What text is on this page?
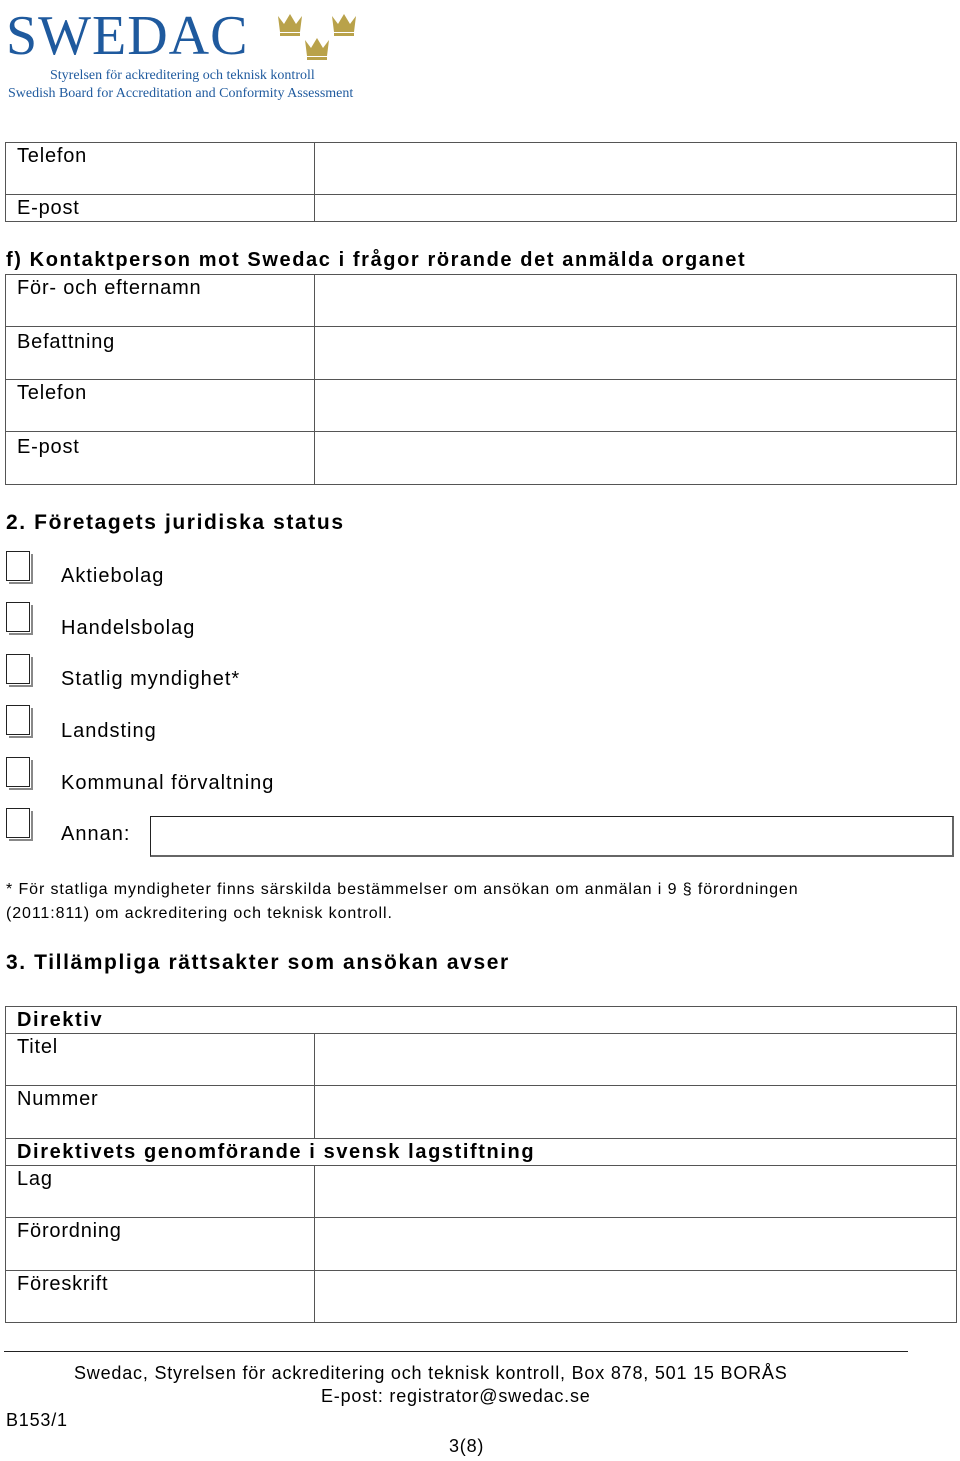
SWEDAC
Styrelsen för ackreditering och teknisk kontroll
Swedish Board for Accreditation and Conformity Assessment
Telefon
E-post
f) Kontaktperson mot Swedac i frågor rörande det anmälda organet
För- och efternamn
Befattning
Telefon
E-post
2. Företagets juridiska status
Aktiebolag
Handelsbolag
Statlig myndighet*
Landsting
Kommunal förvaltning
Annan:
* För statliga myndigheter finns särskilda bestämmelser om ansökan om anmälan i 9 § förordningen
(2011:811) om ackreditering och teknisk kontroll.
3. Tillämpliga rättsakter som ansökan avser
Direktiv
Titel
Nummer
Direktivets genomförande i svensk lagstiftning
Lag
Förordning
Föreskrift
Swedac, Styrelsen för ackreditering och teknisk kontroll, Box 878, 501 15 BORÅS
E-post: registrator@swedac.se
B153/1
3(8)
